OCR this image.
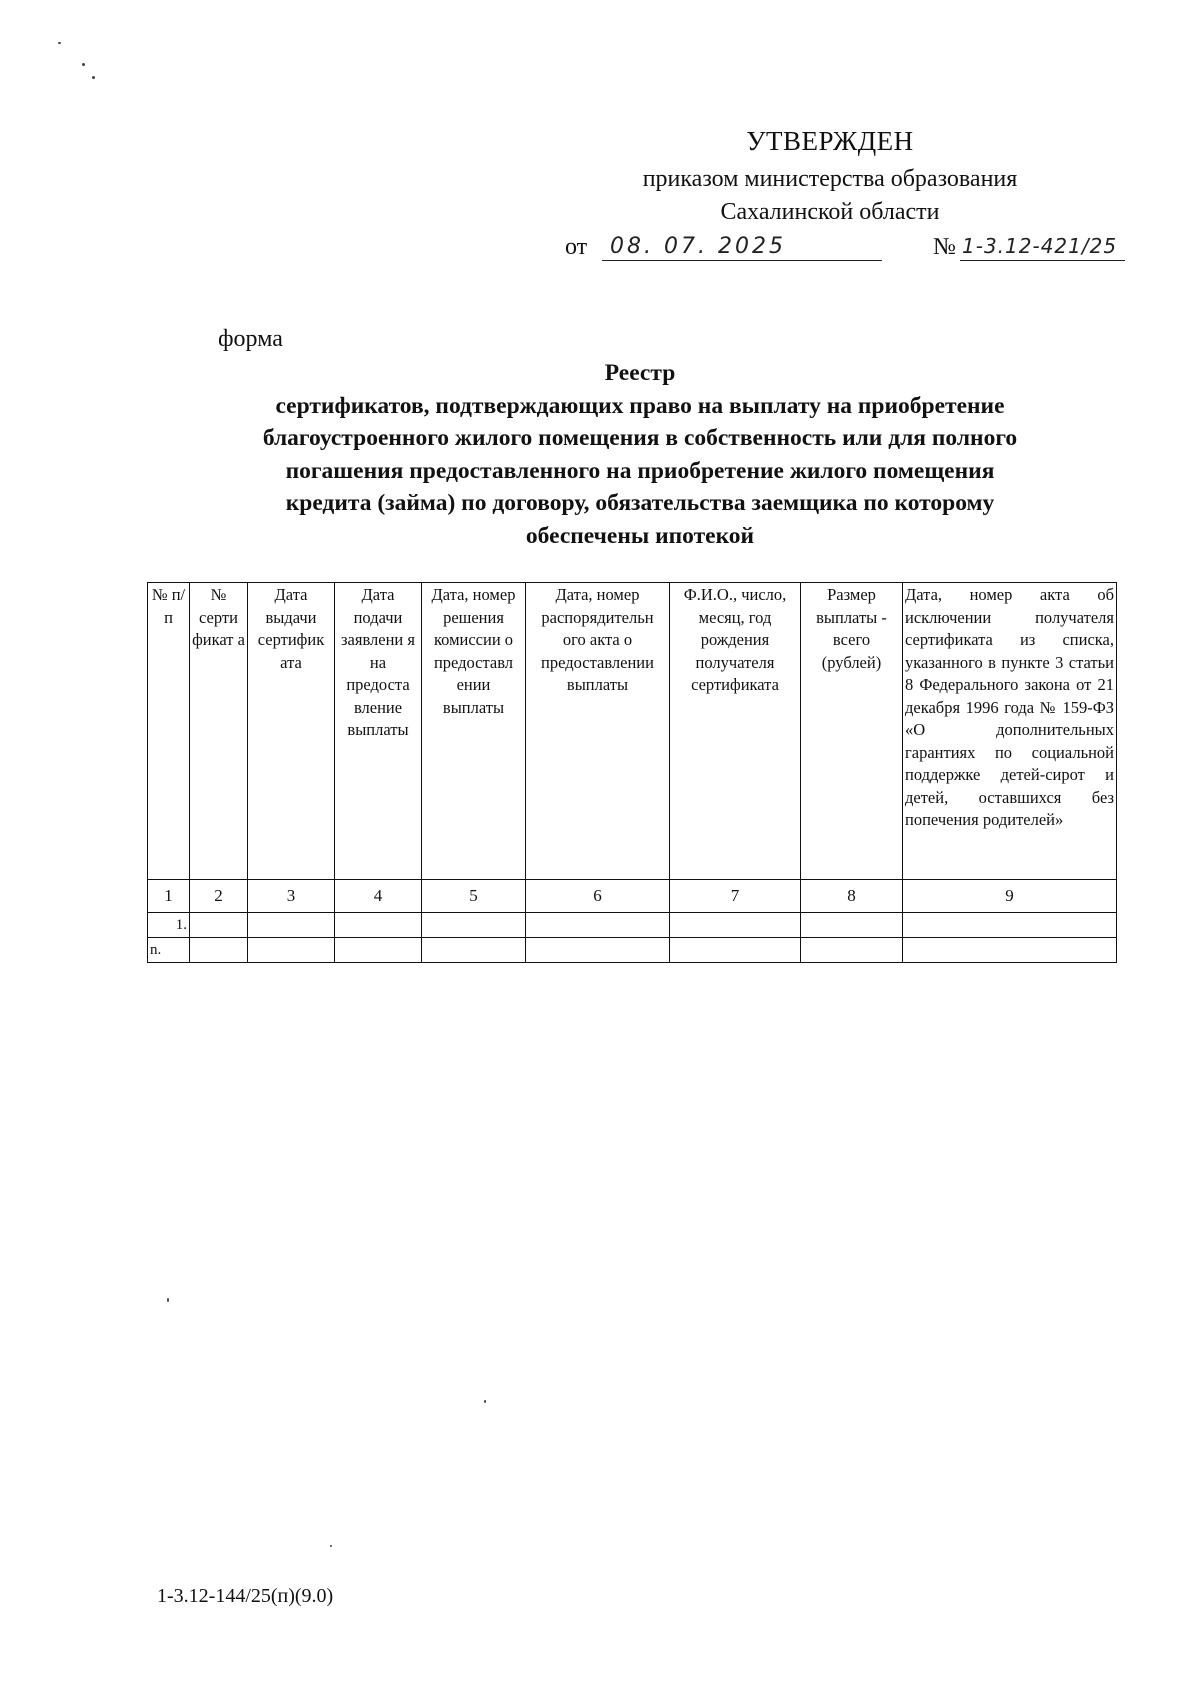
УТВЕРЖДЕН
приказом министерства образования
Сахалинской области
от 08. 07. 2025	№ 1-3.12-421/25
форма
Реестр
сертификатов, подтверждающих право на выплату на приобретение
благоустроенного жилого помещения в собственность или для полного
погашения предоставленного на приобретение жилого помещения
кредита (займа) по договору, обязательства заемщика по которому
обеспечены ипотекой
№ п/п	№ серти фикат а	Дата выдачи сертифик ата	Дата подачи заявлени я на предоста вление выплаты	Дата, номер решения комиссии о предоставл ении выплаты	Дата, номер распорядительн ого акта о предоставлении выплаты	Ф.И.О., число, месяц, год рождения получателя сертификата	Размер выплаты - всего (рублей)	Дата, номер акта об исключении получателя сертификата из списка, указанного в пункте 3 статьи 8 Федерального закона от 21 декабря 1996 года № 159-ФЗ «О дополнительных гарантиях по социальной поддержке детей-сирот и детей, оставшихся без попечения родителей»
1	2	3	4	5	6	7	8	9
1.								
n.								
1-3.12-144/25(п)(9.0)
